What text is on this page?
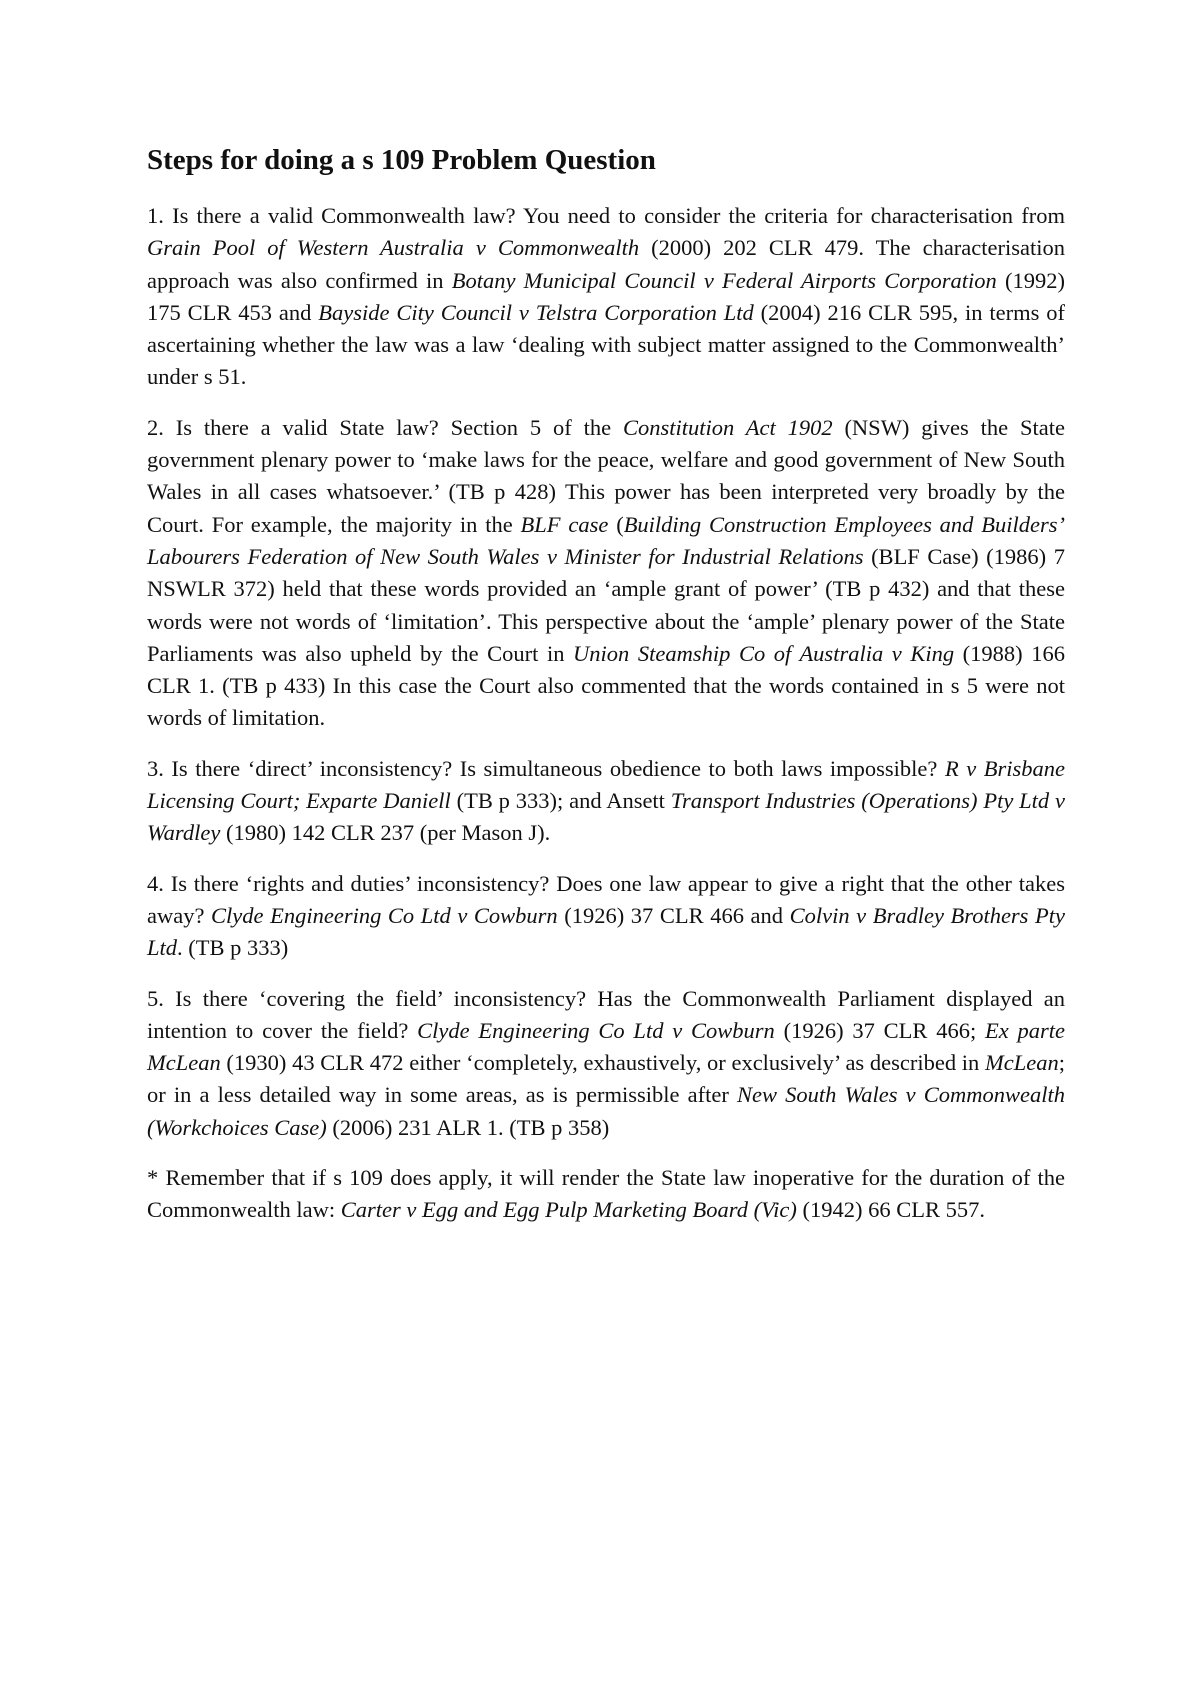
Steps for doing a s 109 Problem Question

1. Is there a valid Commonwealth law? You need to consider the criteria for characterisation from Grain Pool of Western Australia v Commonwealth (2000) 202 CLR 479. The characterisation approach was also confirmed in Botany Municipal Council v Federal Airports Corporation (1992) 175 CLR 453 and Bayside City Council v Telstra Corporation Ltd (2004) 216 CLR 595, in terms of ascertaining whether the law was a law ‘dealing with subject matter assigned to the Commonwealth’ under s 51.

2. Is there a valid State law? Section 5 of the Constitution Act 1902 (NSW) gives the State government plenary power to ‘make laws for the peace, welfare and good government of New South Wales in all cases whatsoever.’ (TB p 428) This power has been interpreted very broadly by the Court. For example, the majority in the BLF case (Building Construction Employees and Builders’ Labourers Federation of New South Wales v Minister for Industrial Relations (BLF Case) (1986) 7 NSWLR 372) held that these words provided an ‘ample grant of power’ (TB p 432) and that these words were not words of ‘limitation’. This perspective about the ‘ample’ plenary power of the State Parliaments was also upheld by the Court in Union Steamship Co of Australia v King (1988) 166 CLR 1. (TB p 433) In this case the Court also commented that the words contained in s 5 were not words of limitation.

3. Is there ‘direct’ inconsistency? Is simultaneous obedience to both laws impossible? R v Brisbane Licensing Court; Exparte Daniell (TB p 333); and Ansett Transport Industries (Operations) Pty Ltd v Wardley (1980) 142 CLR 237 (per Mason J).

4. Is there ‘rights and duties’ inconsistency? Does one law appear to give a right that the other takes away? Clyde Engineering Co Ltd v Cowburn (1926) 37 CLR 466 and Colvin v Bradley Brothers Pty Ltd. (TB p 333)

5. Is there ‘covering the field’ inconsistency? Has the Commonwealth Parliament displayed an intention to cover the field? Clyde Engineering Co Ltd v Cowburn (1926) 37 CLR 466; Ex parte McLean (1930) 43 CLR 472 either ‘completely, exhaustively, or exclusively’ as described in McLean; or in a less detailed way in some areas, as is permissible after New South Wales v Commonwealth (Workchoices Case) (2006) 231 ALR 1. (TB p 358)

* Remember that if s 109 does apply, it will render the State law inoperative for the duration of the Commonwealth law: Carter v Egg and Egg Pulp Marketing Board (Vic) (1942) 66 CLR 557.
